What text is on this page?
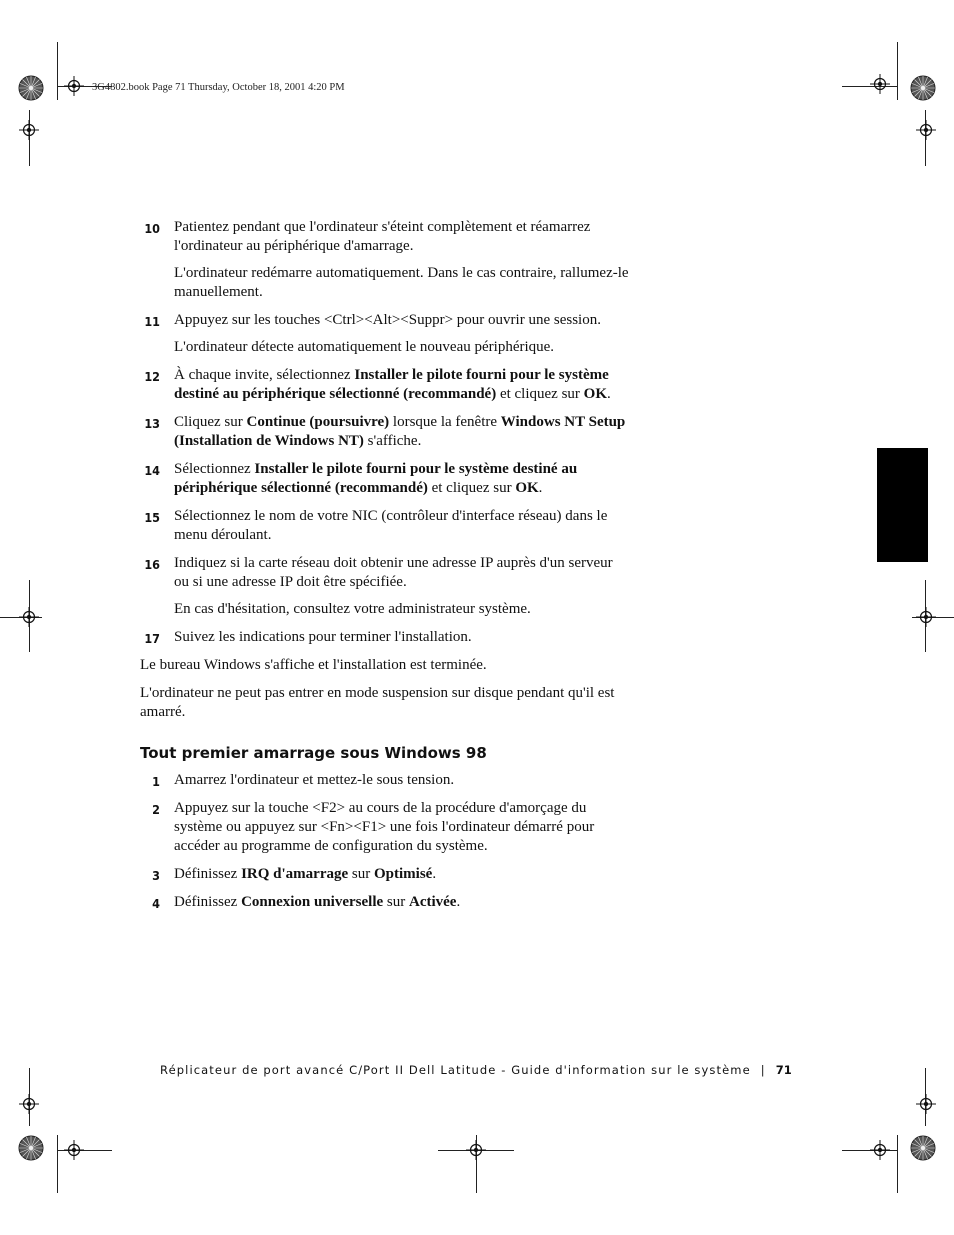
3G4802.book Page 71 Thursday, October 18, 2001 4:20 PM
10 Patientez pendant que l'ordinateur s'éteint complètement et réamarrez l'ordinateur au périphérique d'amarrage.

L'ordinateur redémarre automatiquement. Dans le cas contraire, rallumez-le manuellement.

11 Appuyez sur les touches <Ctrl><Alt><Suppr> pour ouvrir une session.

L'ordinateur détecte automatiquement le nouveau périphérique.

12 À chaque invite, sélectionnez Installer le pilote fourni pour le système destiné au périphérique sélectionné (recommandé) et cliquez sur OK.

13 Cliquez sur Continue (poursuivre) lorsque la fenêtre Windows NT Setup (Installation de Windows NT) s'affiche.

14 Sélectionnez Installer le pilote fourni pour le système destiné au périphérique sélectionné (recommandé) et cliquez sur OK.

15 Sélectionnez le nom de votre NIC (contrôleur d'interface réseau) dans le menu déroulant.

16 Indiquez si la carte réseau doit obtenir une adresse IP auprès d'un serveur ou si une adresse IP doit être spécifiée.

En cas d'hésitation, consultez votre administrateur système.

17 Suivez les indications pour terminer l'installation.

Le bureau Windows s'affiche et l'installation est terminée.

L'ordinateur ne peut pas entrer en mode suspension sur disque pendant qu'il est amarré.

Tout premier amarrage sous Windows 98
1 Amarrez l'ordinateur et mettez-le sous tension.

2 Appuyez sur la touche <F2> au cours de la procédure d'amorçage du système ou appuyez sur <Fn><F1> une fois l'ordinateur démarré pour accéder au programme de configuration du système.

3 Définissez IRQ d'amarrage sur Optimisé.

4 Définissez Connexion universelle sur Activée.

Réplicateur de port avancé C/Port II Dell Latitude - Guide d'information sur le système | 71
